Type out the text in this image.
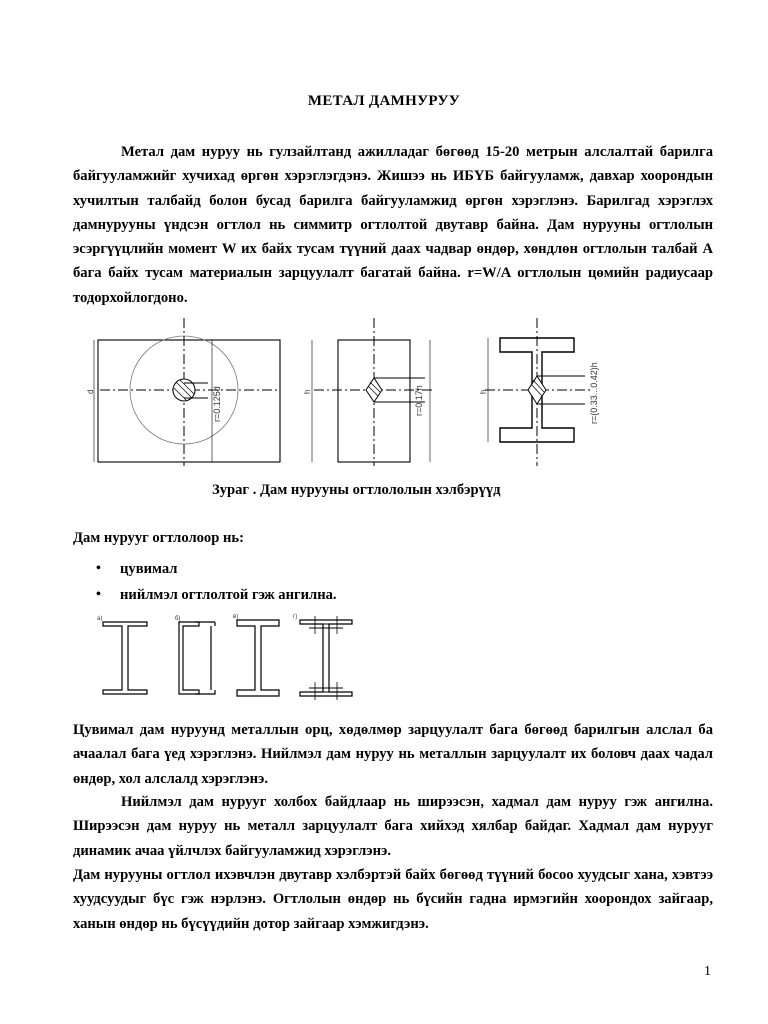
МЕТАЛ ДАМНУРУУ

Метал дам нуруу нь гулзайлтанд ажилладаг бөгөөд 15-20 метрын алслалтай барилга байгууламжийг хучихад өргөн хэрэглэгдэнэ. Жишээ нь ИБҮБ байгууламж, давхар хоорондын хучилтын талбайд болон бусад барилга байгууламжид өргөн хэрэглэнэ. Барилгад хэрэглэх дамнурууны үндсэн огтлол нь симмитр огтлолтой двутавр байна. Дам нурууны огтлолын эсэргүүцлийн момент W их байх тусам түүний даах чадвар өндөр, хөндлөн огтлолын талбай A бага байх тусам материалын зарцуулалт багатай байна. r=W/A огтлолын цөмийн радиусаар тодорхойлогдоно.

r=0.125d	r=0.17h	r=(0.33...0.42)h
d	h	h
Зураг . Дам нурууны огтлололын хэлбэрүүд
Дам нурууг огтлолоор нь:
• цувимал
• нийлмэл огтлолтой гэж ангилна.
а)	б)	в)	г)

Цувимал дам нуруунд металлын орц, хөдөлмөр зарцуулалт бага бөгөөд барилгын алслал ба ачаалал бага үед хэрэглэнэ. Нийлмэл дам нуруу нь металлын зарцуулалт их боловч даах чадал өндөр, хол алслалд хэрэглэнэ.

Нийлмэл дам нурууг холбох байдлаар нь ширээсэн, хадмал дам нуруу гэж ангилна. Ширээсэн дам нуруу нь металл зарцуулалт бага хийхэд хялбар байдаг. Хадмал дам нурууг динамик ачаа үйлчлэх байгууламжид хэрэглэнэ.

Дам нурууны огтлол ихэвчлэн двутавр хэлбэртэй байх бөгөөд түүний босоо хуудсыг хана, хэвтээ хуудсуудыг бүс гэж нэрлэнэ. Огтлолын өндөр нь бүсийн гадна ирмэгийн хоорондох зайгаар, ханын өндөр нь бүсүүдийн дотор зайгаар хэмжигдэнэ.

1
